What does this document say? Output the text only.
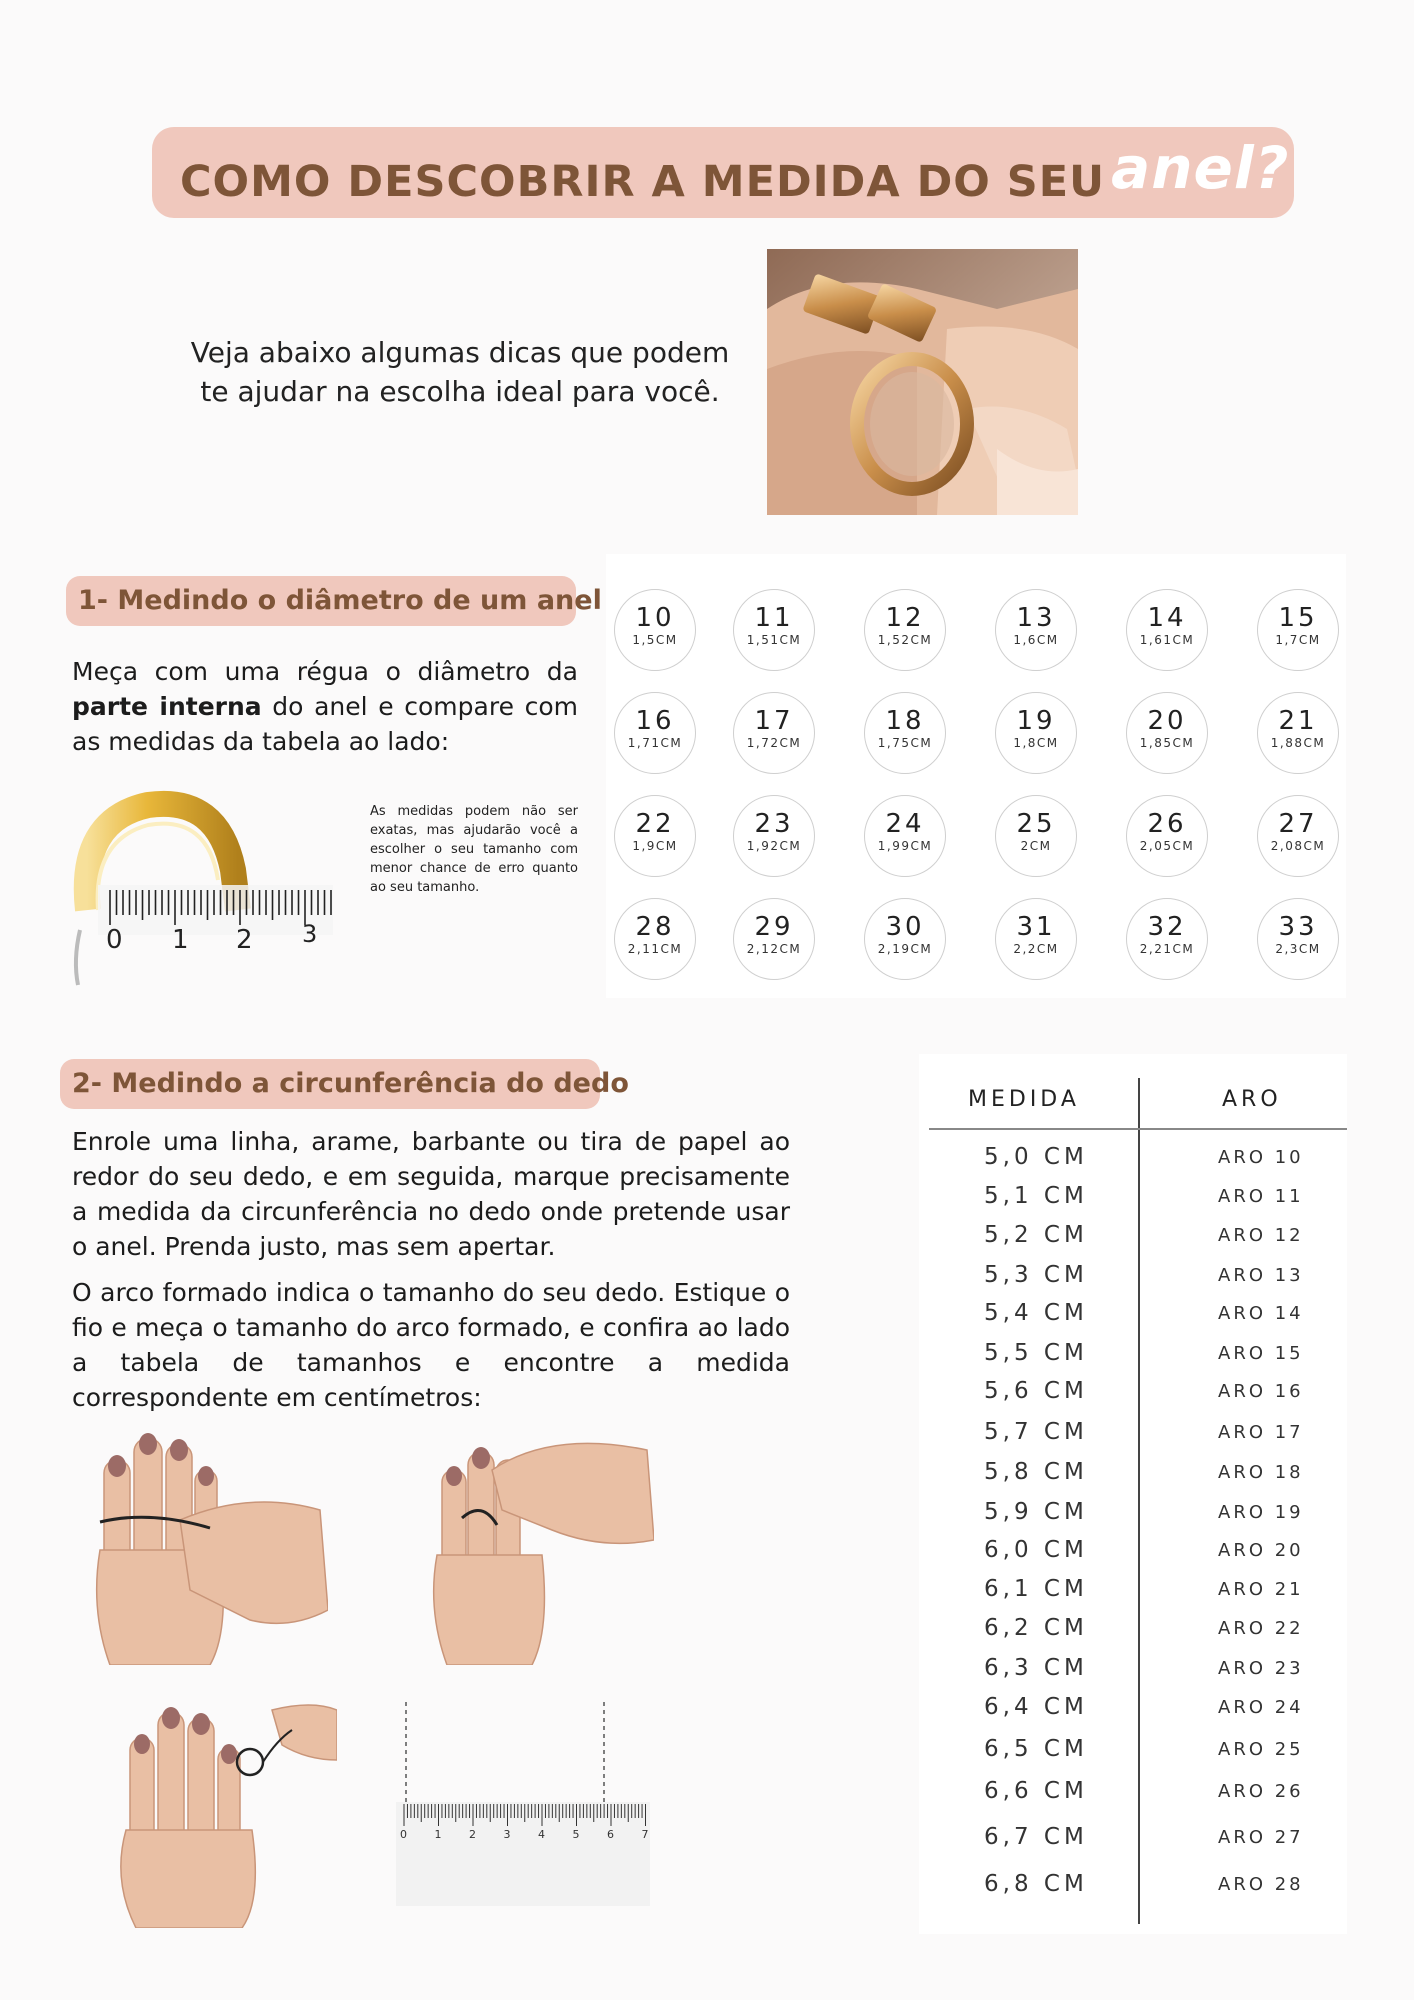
COMO DESCOBRIR A MEDIDA DO SEU anel?
Veja abaixo algumas dicas que podem te ajudar na escolha ideal para você.
1- Medindo o diâmetro de um anel
Meça com uma régua o diâmetro da parte interna do anel e compare com as medidas da tabela ao lado:
As medidas podem não ser exatas, mas ajudarão você a escolher o seu tamanho com menor chance de erro quanto ao seu tamanho.
0 1 2 3
10
1,5CM
11
1,51CM
12
1,52CM
13
1,6CM
14
1,61CM
15
1,7CM
16
1,71CM
17
1,72CM
18
1,75CM
19
1,8CM
20
1,85CM
21
1,88CM
22
1,9CM
23
1,92CM
24
1,99CM
25
2CM
26
2,05CM
27
2,08CM
28
2,11CM
29
2,12CM
30
2,19CM
31
2,2CM
32
2,21CM
33
2,3CM
2- Medindo a circunferência do dedo
Enrole uma linha, arame, barbante ou tira de papel ao redor do seu dedo, e em seguida, marque precisamente a medida da circunferência no dedo onde pretende usar o anel. Prenda justo, mas sem apertar.
O arco formado indica o tamanho do seu dedo. Estique o fio e meça o tamanho do arco formado, e confira ao lado a tabela de tamanhos e encontre a medida correspondente em centímetros:
0	1	2	3	4	5	6	7
MEDIDA	ARO
5,0 CM	ARO 10
5,1 CM	ARO 11
5,2 CM	ARO 12
5,3 CM	ARO 13
5,4 CM	ARO 14
5,5 CM	ARO 15
5,6 CM	ARO 16
5,7 CM	ARO 17
5,8 CM	ARO 18
5,9 CM	ARO 19
6,0 CM	ARO 20
6,1 CM	ARO 21
6,2 CM	ARO 22
6,3 CM	ARO 23
6,4 CM	ARO 24
6,5 CM	ARO 25
6,6 CM	ARO 26
6,7 CM	ARO 27
6,8 CM	ARO 28
